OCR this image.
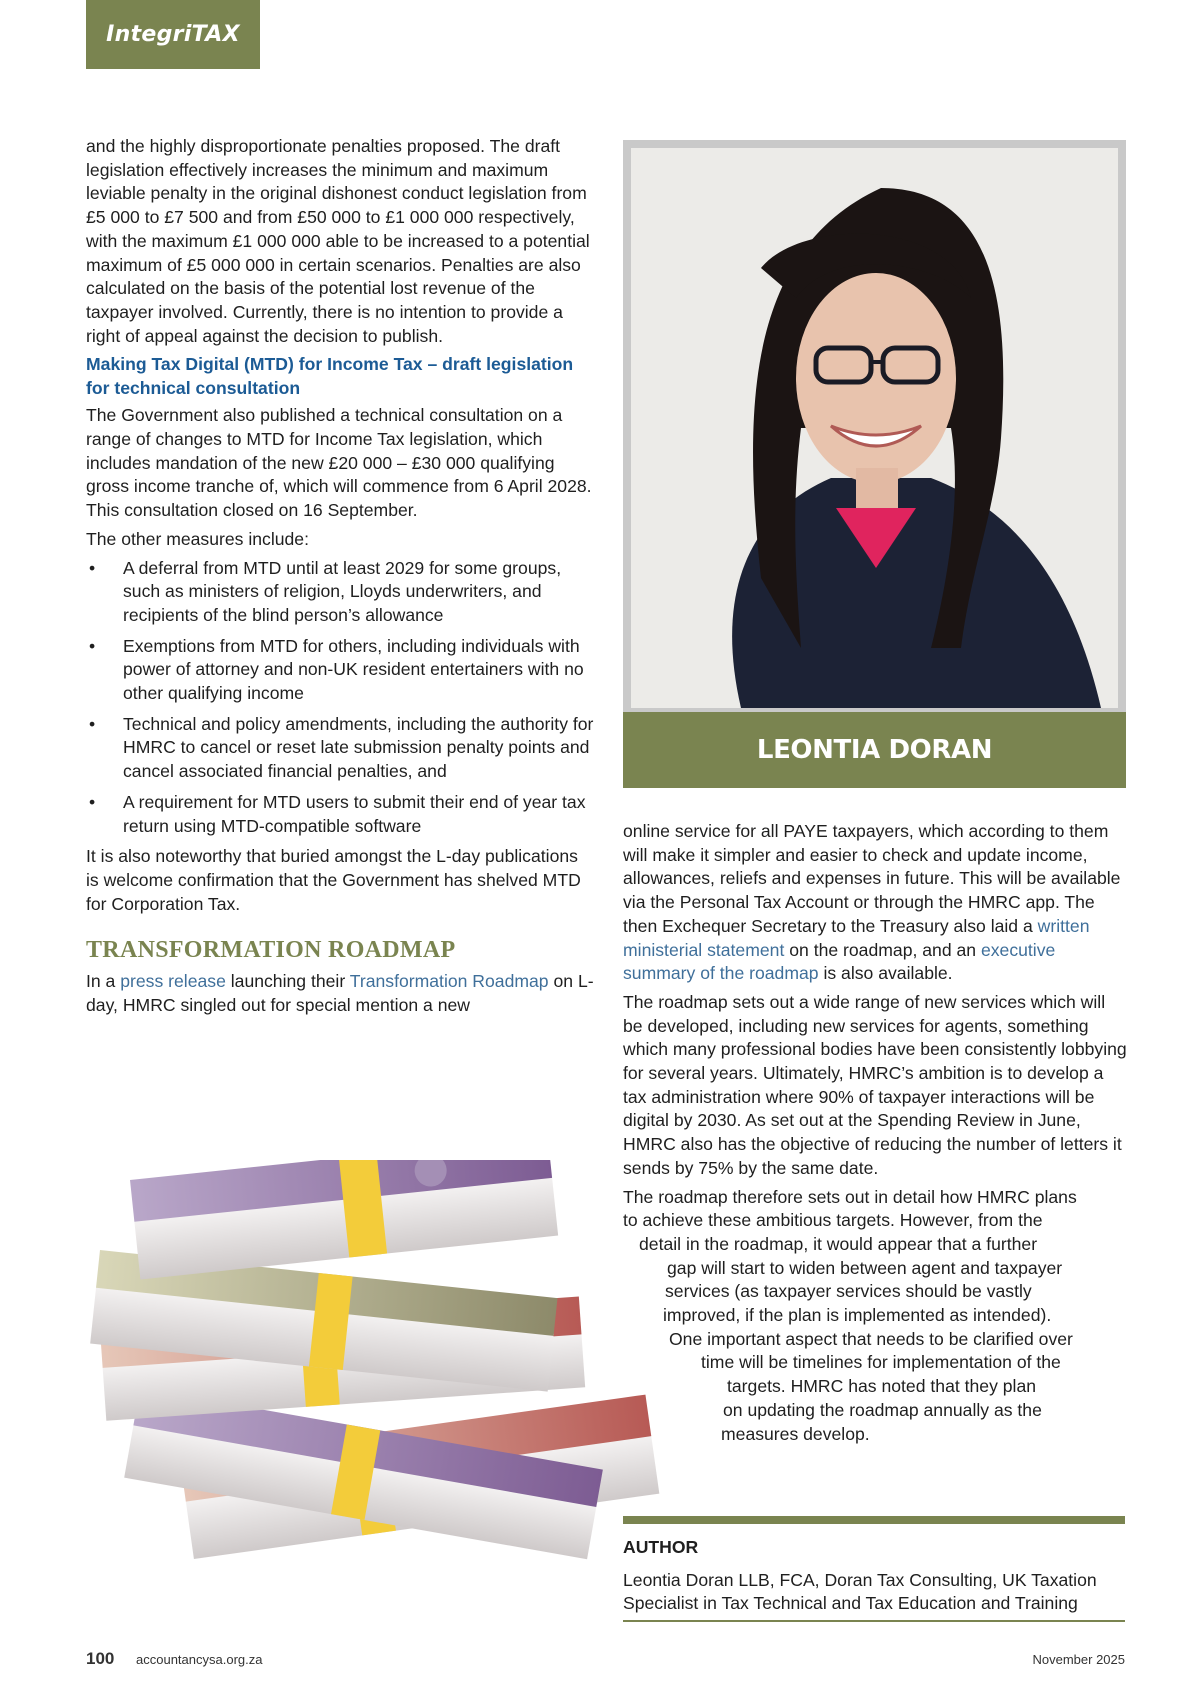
Integri TAX

and the highly disproportionate penalties proposed. The draft legislation effectively increases the minimum and maximum leviable penalty in the original dishonest conduct legislation from £5 000 to £7 500 and from £50 000 to £1 000 000 respectively, with the maximum £1 000 000 able to be increased to a potential maximum of £5 000 000 in certain scenarios. Penalties are also calculated on the basis of the potential lost revenue of the taxpayer involved. Currently, there is no intention to provide a right of appeal against the decision to publish.

Making Tax Digital (MTD) for Income Tax – draft legislation for technical consultation

The Government also published a technical consultation on a range of changes to MTD for Income Tax legislation, which includes mandation of the new £20 000 – £30 000 qualifying gross income tranche of, which will commence from 6 April 2028. This consultation closed on 16 September.

The other measures include:

• A deferral from MTD until at least 2029 for some groups, such as ministers of religion, Lloyds underwriters, and recipients of the blind person’s allowance
• Exemptions from MTD for others, including individuals with power of attorney and non-UK resident entertainers with no other qualifying income
• Technical and policy amendments, including the authority for HMRC to cancel or reset late submission penalty points and cancel associated financial penalties, and
• A requirement for MTD users to submit their end of year tax return using MTD-compatible software

It is also noteworthy that buried amongst the L-day publications is welcome confirmation that the Government has shelved MTD for Corporation Tax.

TRANSFORMATION ROADMAP

In a press release launching their Transformation Roadmap on L-day, HMRC singled out for special mention a new

LEONTIA DORAN

online service for all PAYE taxpayers, which according to them will make it simpler and easier to check and update income, allowances, reliefs and expenses in future. This will be available via the Personal Tax Account or through the HMRC app. The then Exchequer Secretary to the Treasury also laid a written ministerial statement on the roadmap, and an executive summary of the roadmap is also available.

The roadmap sets out a wide range of new services which will be developed, including new services for agents, something which many professional bodies have been consistently lobbying for several years. Ultimately, HMRC’s ambition is to develop a tax administration where 90% of taxpayer interactions will be digital by 2030. As set out at the Spending Review in June, HMRC also has the objective of reducing the number of letters it sends by 75% by the same date.

The roadmap therefore sets out in detail how HMRC plans
to achieve these ambitious targets. However, from the
detail in the roadmap, it would appear that a further
gap will start to widen between agent and taxpayer
services (as taxpayer services should be vastly
improved, if the plan is implemented as intended).
One important aspect that needs to be clarified over
time will be timelines for implementation of the
targets. HMRC has noted that they plan
on updating the roadmap annually as the
measures develop.
AUTHOR
Leontia Doran LLB, FCA, Doran Tax Consulting, UK Taxation Specialist in Tax Technical and Tax Education and Training
100 accountancysa.org.za	November 2025
